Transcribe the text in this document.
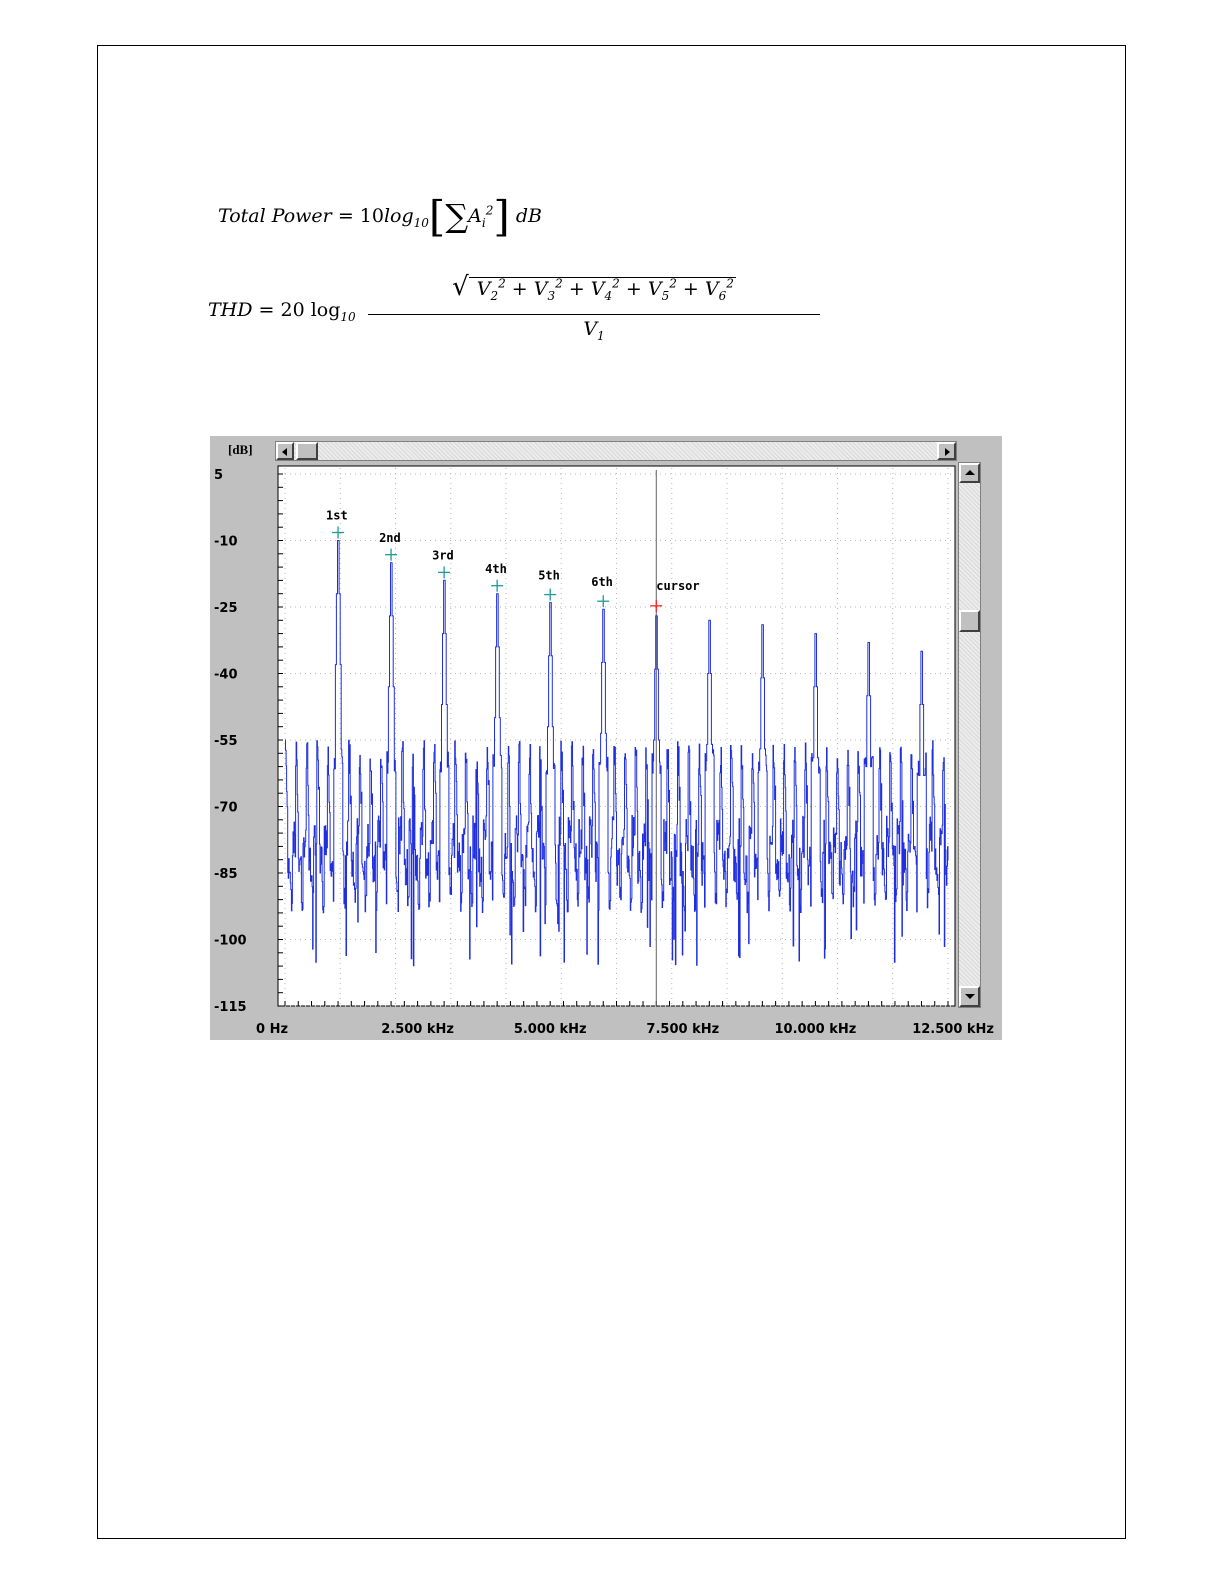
Total Power = $10\log_{10}[\sum A_i^2]$ dB
THD = 20 $\log_{10}$
√ $V_2^2 + V_3^2 + V_4^2 + V_5^2 + V_6^2$
$V_1$
[dB]
5
-10
-25
-40
-55
-70
-85
-100
-115
0 Hz	2.500 kHz	5.000 kHz	7.500 kHz	10.000 kHz	12.500 kHz
1st
2nd
3rd
4th	5th	6th	cursor
